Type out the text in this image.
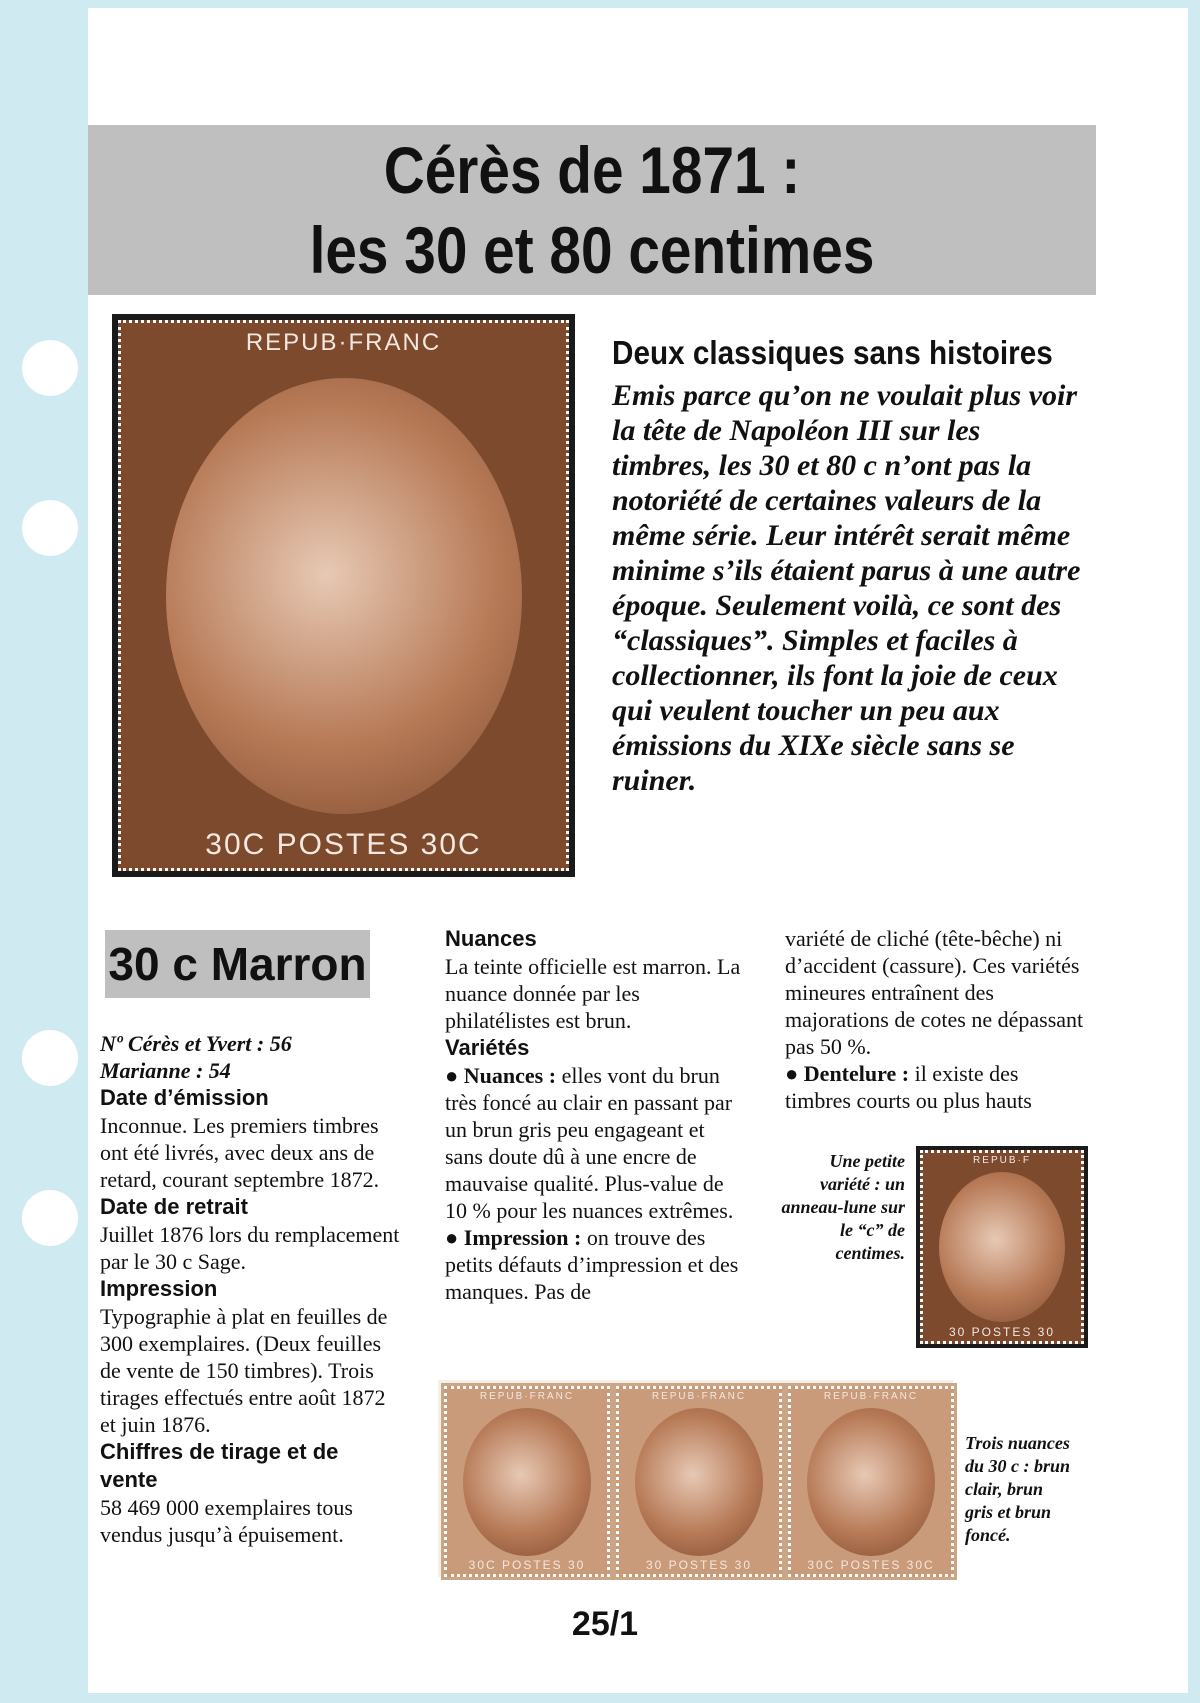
Cérès de 1871 :
les 30 et 80 centimes
REPUB·FRANC
30C POSTES 30C
Deux classiques sans histoires
Emis parce qu’on ne voulait plus voir la tête de Napoléon III sur les timbres, les 30 et 80 c n’ont pas la notoriété de certaines valeurs de la même série. Leur intérêt serait même minime s’ils étaient parus à une autre époque. Seulement voilà, ce sont des “classiques”. Simples et faciles à collectionner, ils font la joie de ceux qui veulent toucher un peu aux émissions du XIXe siècle sans se ruiner.
30 c Marron

Nº Cérès et Yvert : 56

Marianne : 54

Date d’émission

Inconnue. Les premiers timbres ont été livrés, avec deux ans de retard, courant septembre 1872.

Date de retrait

Juillet 1876 lors du remplacement par le 30 c Sage.

Impression

Typographie à plat en feuilles de 300 exemplaires. (Deux feuilles de vente de 150 timbres). Trois tirages effectués entre août 1872 et juin 1876.

Chiffres de tirage et de vente

58 469 000 exemplaires tous vendus jusqu’à épuisement.

Nuances

La teinte officielle est marron. La nuance donnée par les philatélistes est brun.

Variétés

● Nuances : elles vont du brun très foncé au clair en passant par un brun gris peu engageant et sans doute dû à une encre de mauvaise qualité. Plus-value de 10 % pour les nuances extrêmes.

● Impression : on trouve des petits défauts d’impression et des manques. Pas de

variété de cliché (tête-bêche) ni d’accident (cassure). Ces variétés mineures entraînent des majorations de cotes ne dépassant pas 50 %.

● Dentelure : il existe des timbres courts ou plus hauts

Une petite variété : un anneau-lune sur le “c” de centimes.
REPUB·F
30 POSTES 30
REPUB·FRANC
30C POSTES 30
REPUB·FRANC
30 POSTES 30
REPUB·FRANC
30C POSTES 30C
Trois nuances du 30 c : brun clair, brun gris et brun foncé.
25/1
